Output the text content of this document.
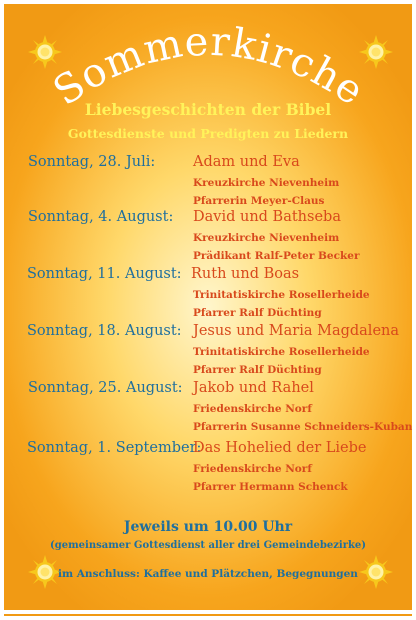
Sommerkirche
Liebesgeschichten der Bibel
Gottesdienste und Predigten zu Liedern
Sonntag, 28. Juli:	Adam und Eva
Kreuzkirche Nievenheim
Pfarrerin Meyer-Claus
Sonntag, 4. August: David und Bathseba
Kreuzkirche Nievenheim
Prädikant Ralf-Peter Becker
Sonntag, 11. August: Ruth und Boas
Trinitatiskirche Rosellerheide
Pfarrer Ralf Düchting
Sonntag, 18. August: Jesus und Maria Magdalena
Trinitatiskirche Rosellerheide
Pfarrer Ralf Düchting
Sonntag, 25. August: Jakob und Rahel
Friedenskirche Norf
Pfarrerin Susanne Schneiders-Kuban
Sonntag, 1. September:
Das Hohelied der Liebe
Friedenskirche Norf
Pfarrer Hermann Schenck
Jeweils um 10.00 Uhr
(gemeinsamer Gottesdienst aller drei Gemeindebezirke)
im Anschluss: Kaffee und Plätzchen, Begegnungen
